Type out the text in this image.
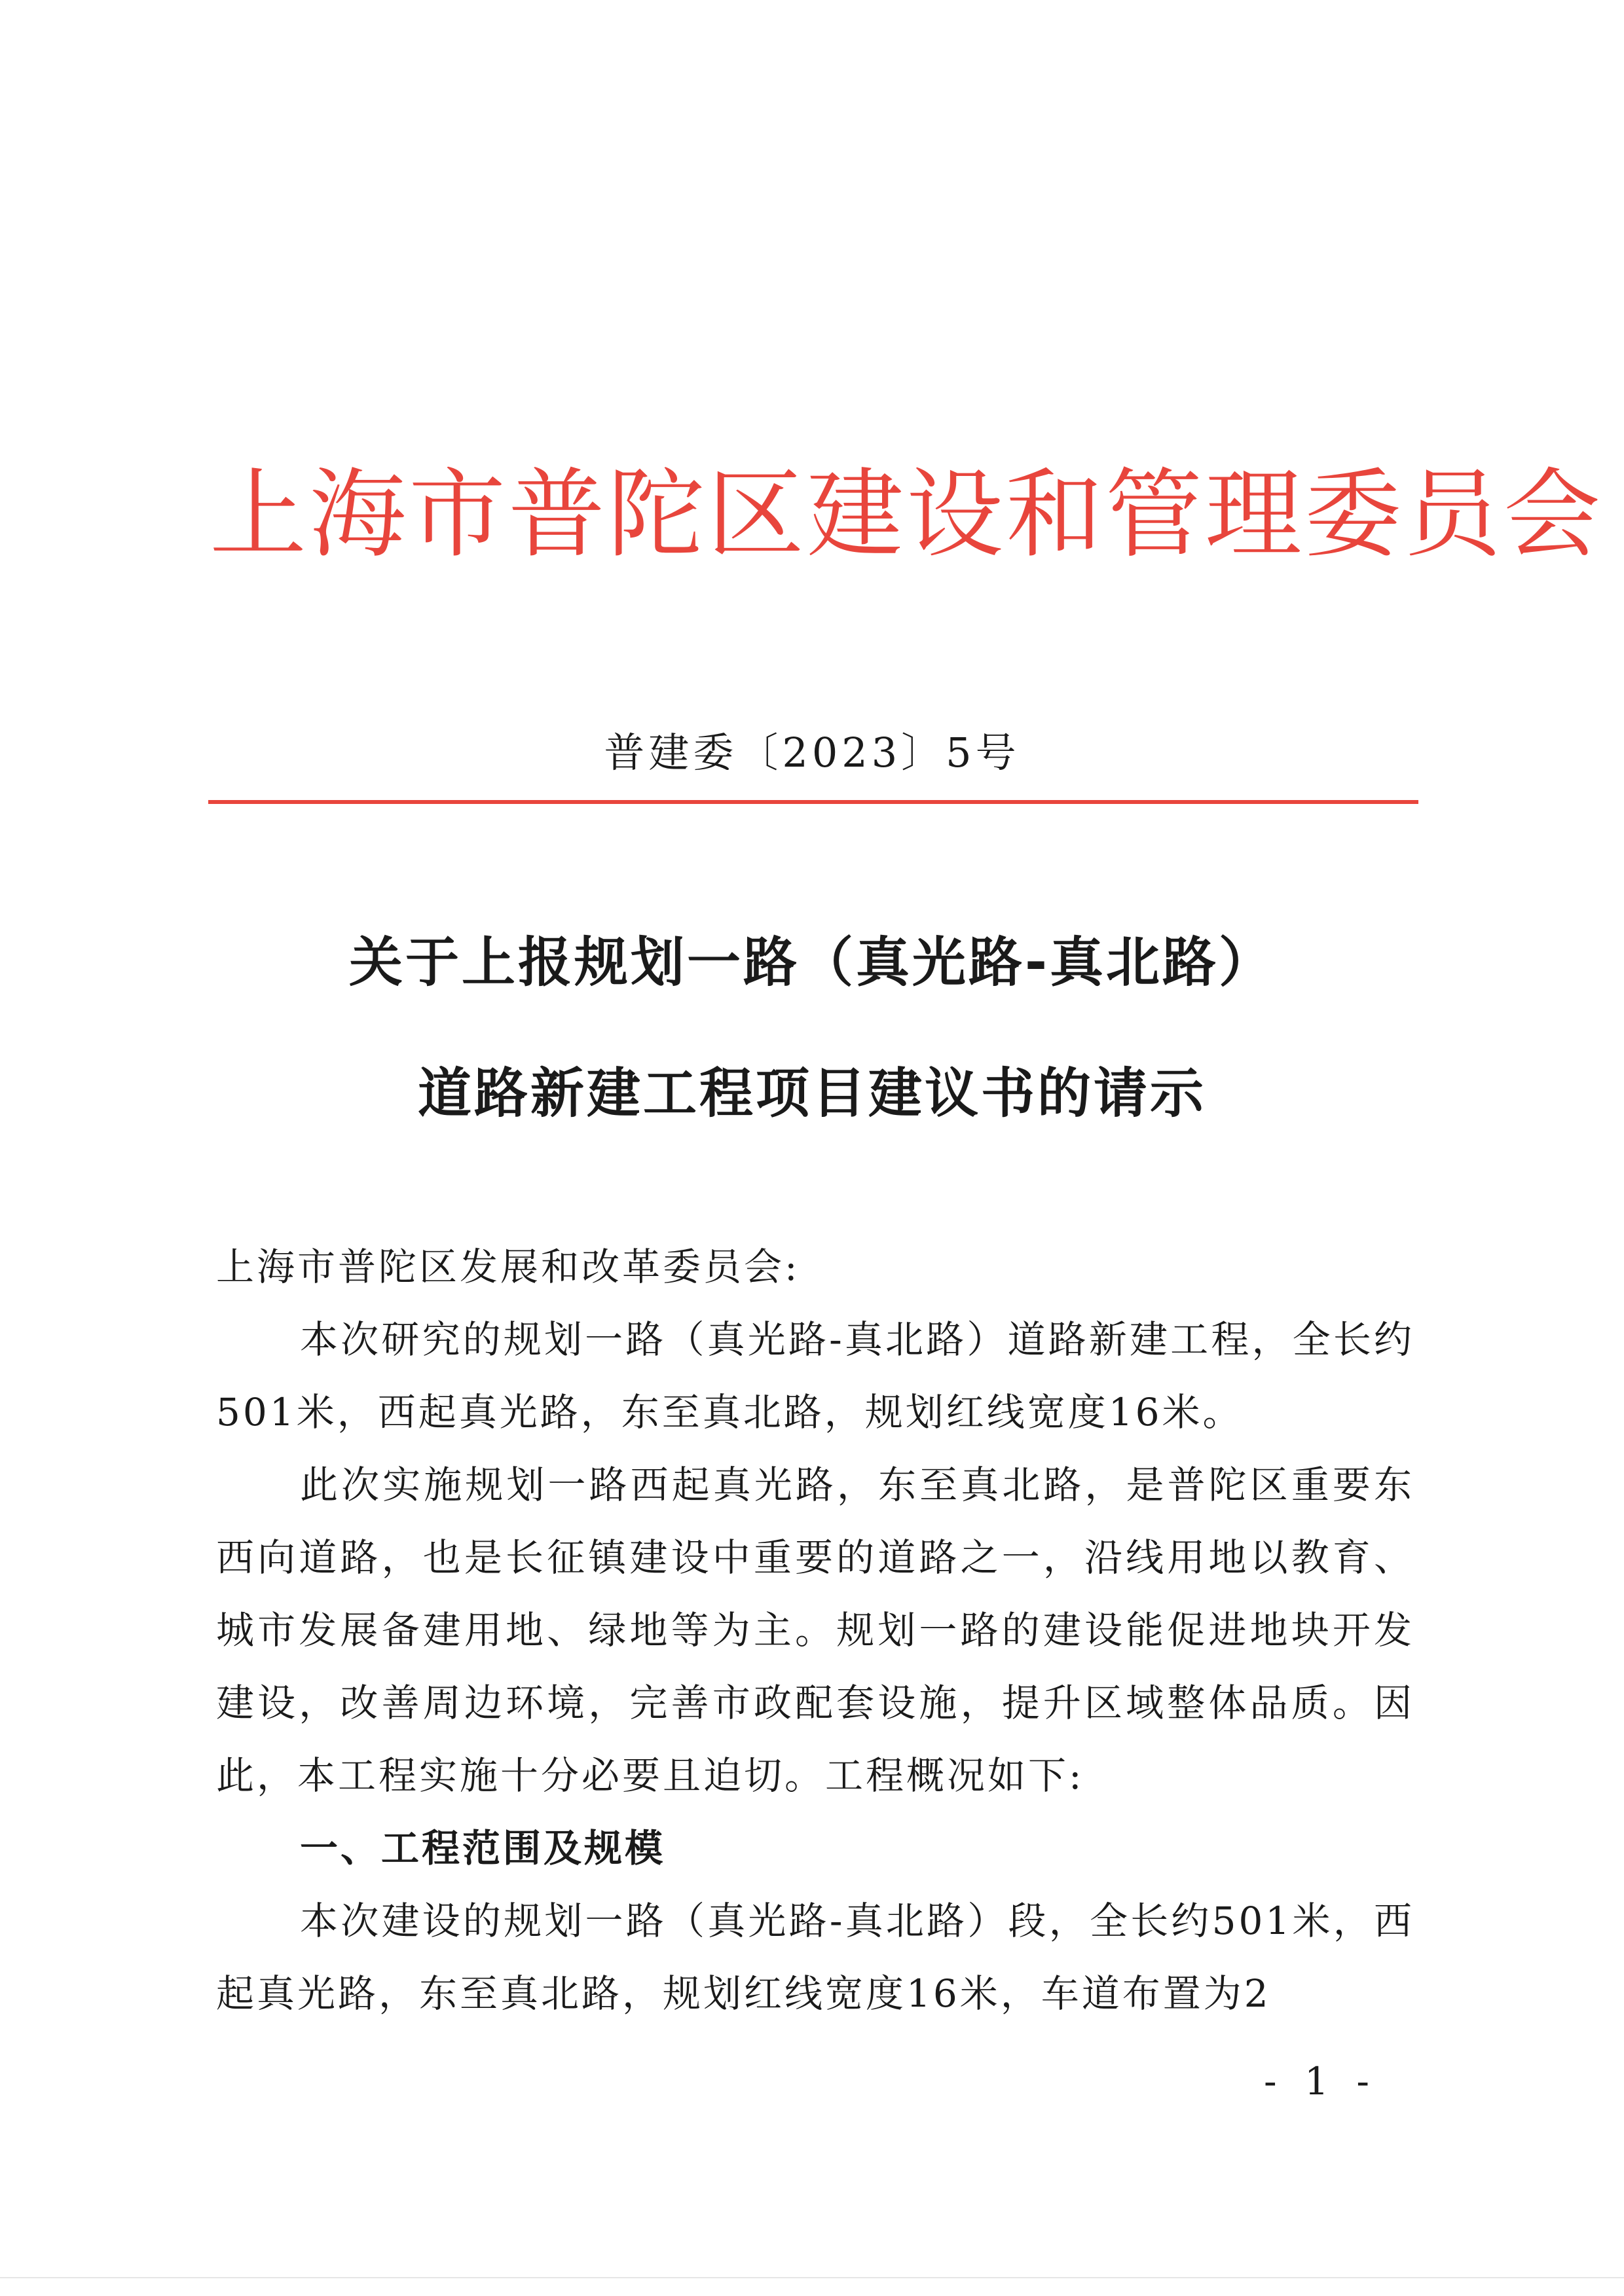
上海市普陀区建设和管理委员会
普建委〔2023〕5号
关于上报规划一路（真光路-真北路）
道路新建工程项目建议书的请示

上海市普陀区发展和改革委员会:

本次研究的规划一路（真光路-真北路）道路新建工程，全长约501米，西起真光路，东至真北路，规划红线宽度16米。

此次实施规划一路西起真光路，东至真北路，是普陀区重要东西向道路，也是长征镇建设中重要的道路之一，沿线用地以教育、城市发展备建用地、绿地等为主。规划一路的建设能促进地块开发建设，改善周边环境，完善市政配套设施，提升区域整体品质。因此，本工程实施十分必要且迫切。工程概况如下:

一、工程范围及规模

本次建设的规划一路（真光路-真北路）段，全长约501米，西起真光路，东至真北路，规划红线宽度16米，车道布置为2

- 1 -
